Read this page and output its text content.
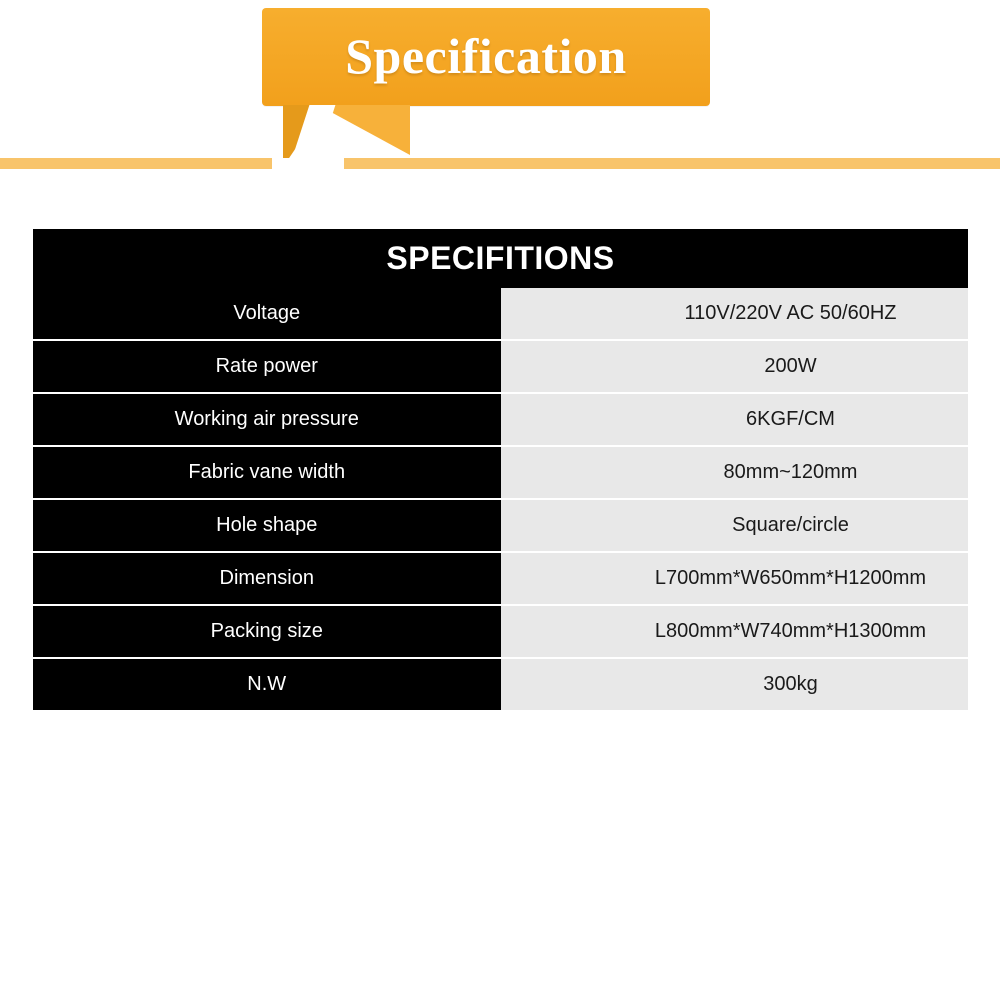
Specification
SPECIFITIONS	
Voltage	110V/220V AC 50/60HZ

Rate power	200W

Working air pressure	6KGF/CM

Fabric vane width	80mm~120mm

Hole shape	Square/circle

Dimension	L700mm*W650mm*H1200mm

Packing size	L800mm*W740mm*H1300mm

N.W	300kg
